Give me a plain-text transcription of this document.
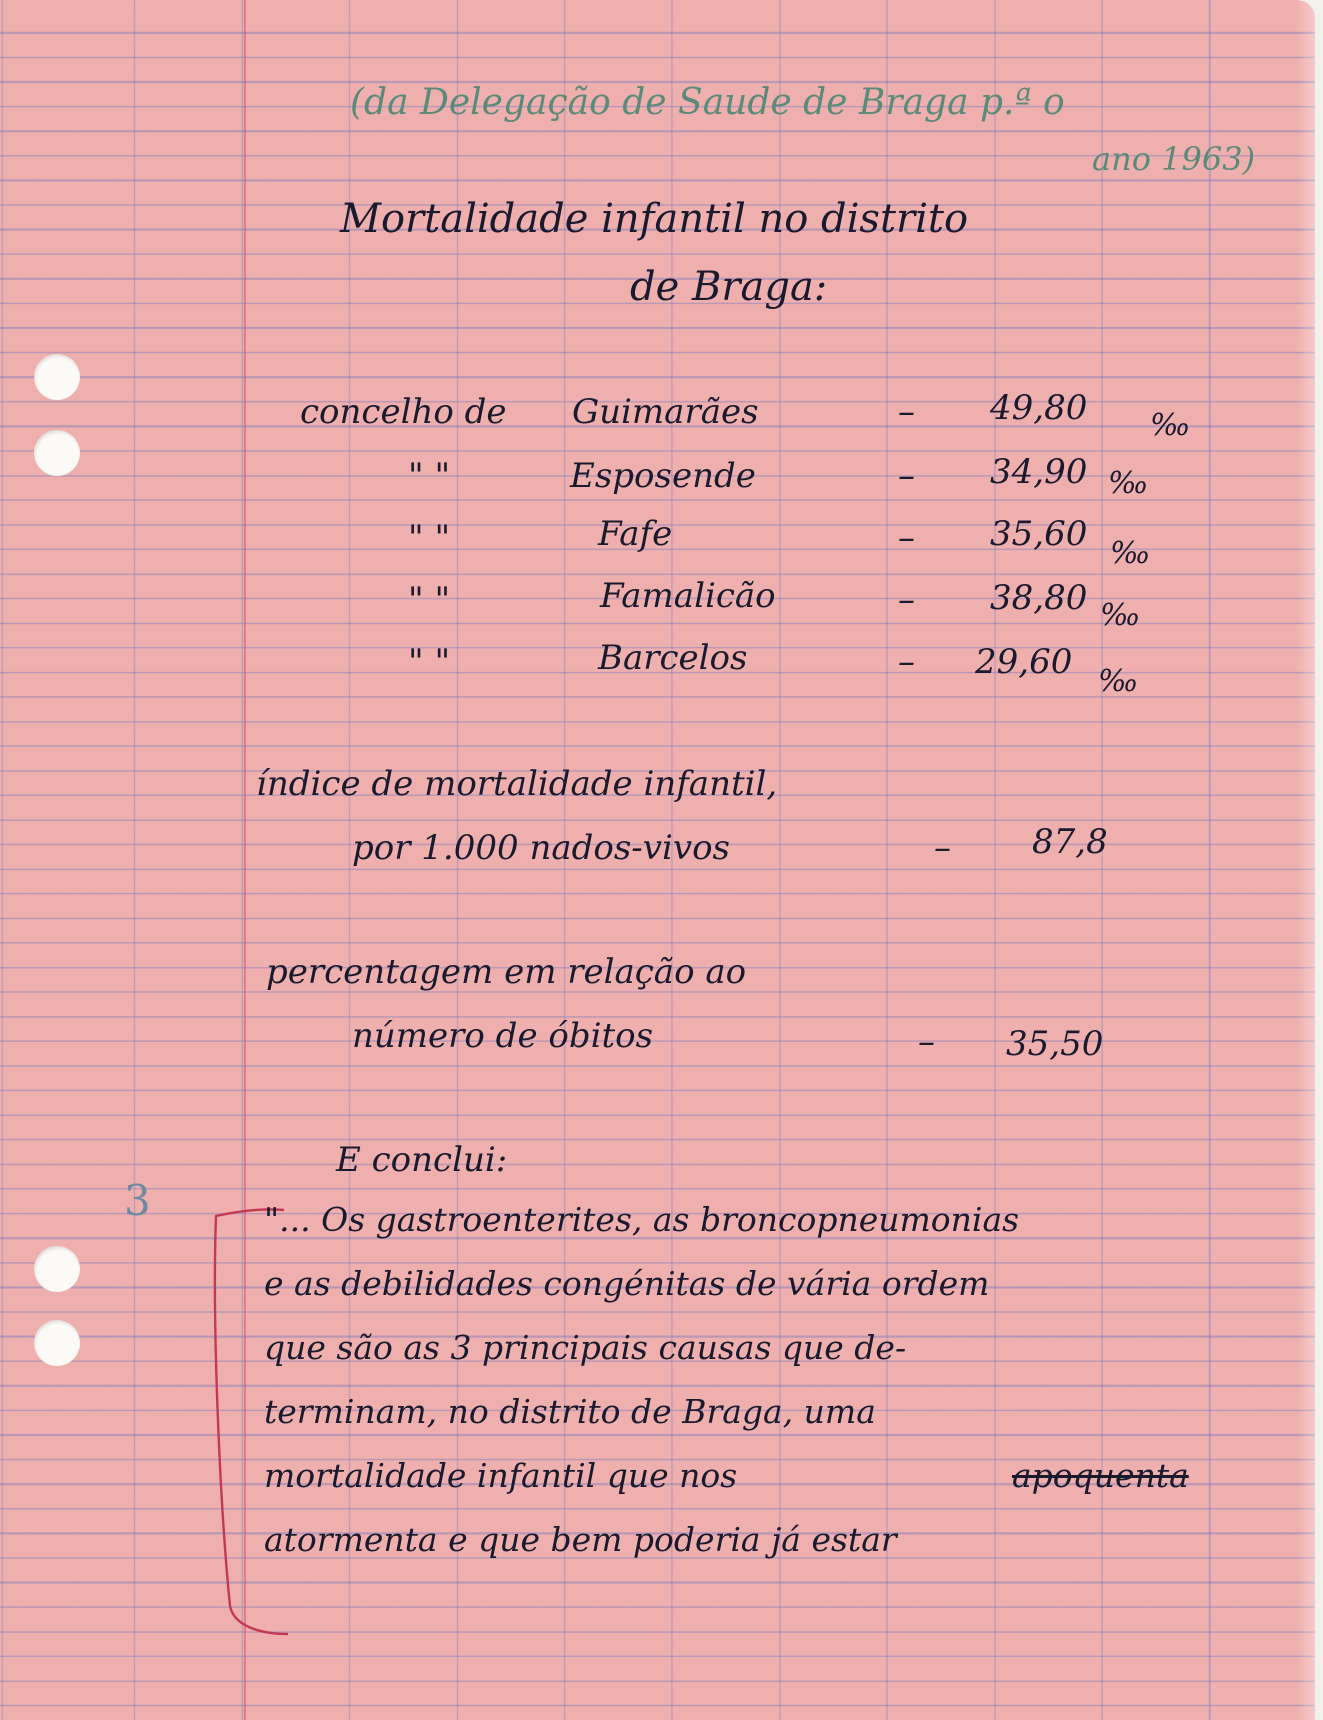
(da Delegação de Saude de Braga p.ª o
ano 1963)
Mortalidade infantil no distrito
de Braga:
concelho de Guimarães	– 49,80 ‰
" "	Esposende	– 34,90 ‰
" "	Fafe	– 35,60 ‰
" "	Famalicão	– 38,80 ‰
" "	Barcelos	– 29,60 ‰
índice de mortalidade infantil,
por 1.000 nados-vivos	– 87,8
percentagem em relação ao
número de óbitos	– 35,50
E conclui:
3	"... Os gastroenterites, as broncopneumonias
e as debilidades congénitas de vária ordem
que são as 3 principais causas que de-
terminam, no distrito de Braga, uma
mortalidade infantil que nos	apoquenta
atormenta e que bem poderia já estar
